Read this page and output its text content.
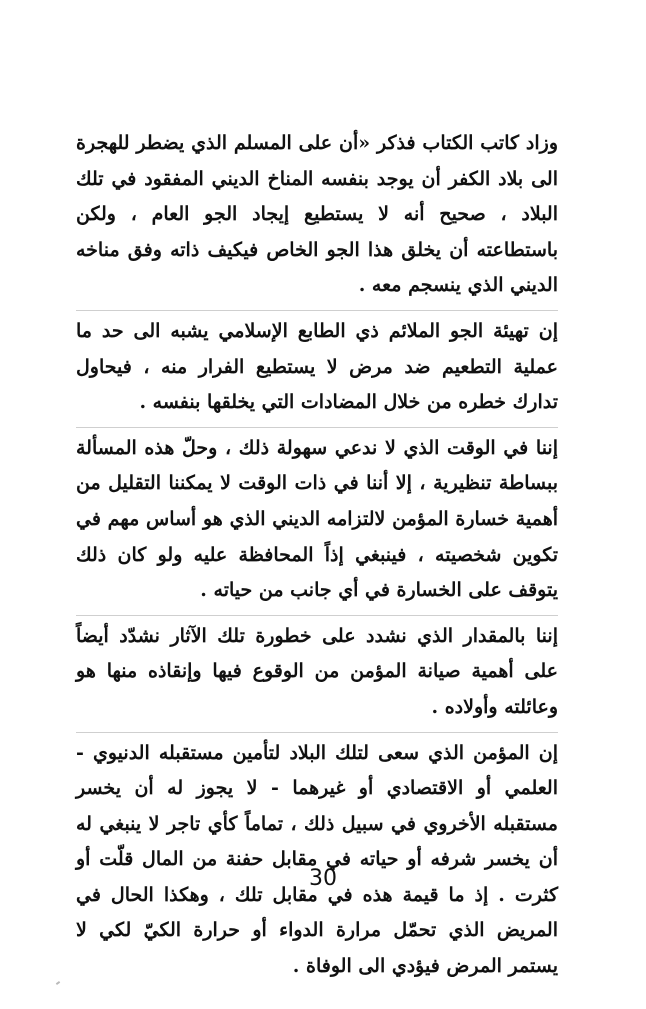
وزاد كاتب الكتاب فذكر «أن على المسلم الذي يضطر للهجرة الى بلاد الكفر أن يوجد بنفسه المناخ الديني المفقود في تلك البلاد ، صحيح أنه لا يستطيع إيجاد الجو العام ، ولكن باستطاعته أن يخلق هذا الجو الخاص فيكيف ذاته وفق مناخه الديني الذي ينسجم معه .

إن تهيئة الجو الملائم ذي الطابع الإسلامي يشبه الى حد ما عملية التطعيم ضد مرض لا يستطيع الفرار منه ، فيحاول تدارك خطره من خلال المضادات التي يخلقها بنفسه .

إننا في الوقت الذي لا ندعي سهولة ذلك ، وحلّ هذه المسألة ببساطة تنظيرية ، إلا أننا في ذات الوقت لا يمكننا التقليل من أهمية خسارة المؤمن لالتزامه الديني الذي هو أساس مهم في تكوين شخصيته ، فينبغي إذاً المحافظة عليه ولو كان ذلك يتوقف على الخسارة في أي جانب من حياته .

إننا بالمقدار الذي نشدد على خطورة تلك الآثار نشدّد أيضاً على أهمية صيانة المؤمن من الوقوع فيها وإنقاذه منها هو وعائلته وأولاده .

إن المؤمن الذي سعى لتلك البلاد لتأمين مستقبله الدنيوي - العلمي أو الاقتصادي أو غيرهما - لا يجوز له أن يخسر مستقبله الأخروي في سبيل ذلك ، تماماً كأي تاجر لا ينبغي له أن يخسر شرفه أو حياته في مقابل حفنة من المال قلّت أو كثرت . إذ ما قيمة هذه في مقابل تلك ، وهكذا الحال في المريض الذي تحمّل مرارة الدواء أو حرارة الكيّ لكي لا يستمر المرض فيؤدي الى الوفاة .

30
